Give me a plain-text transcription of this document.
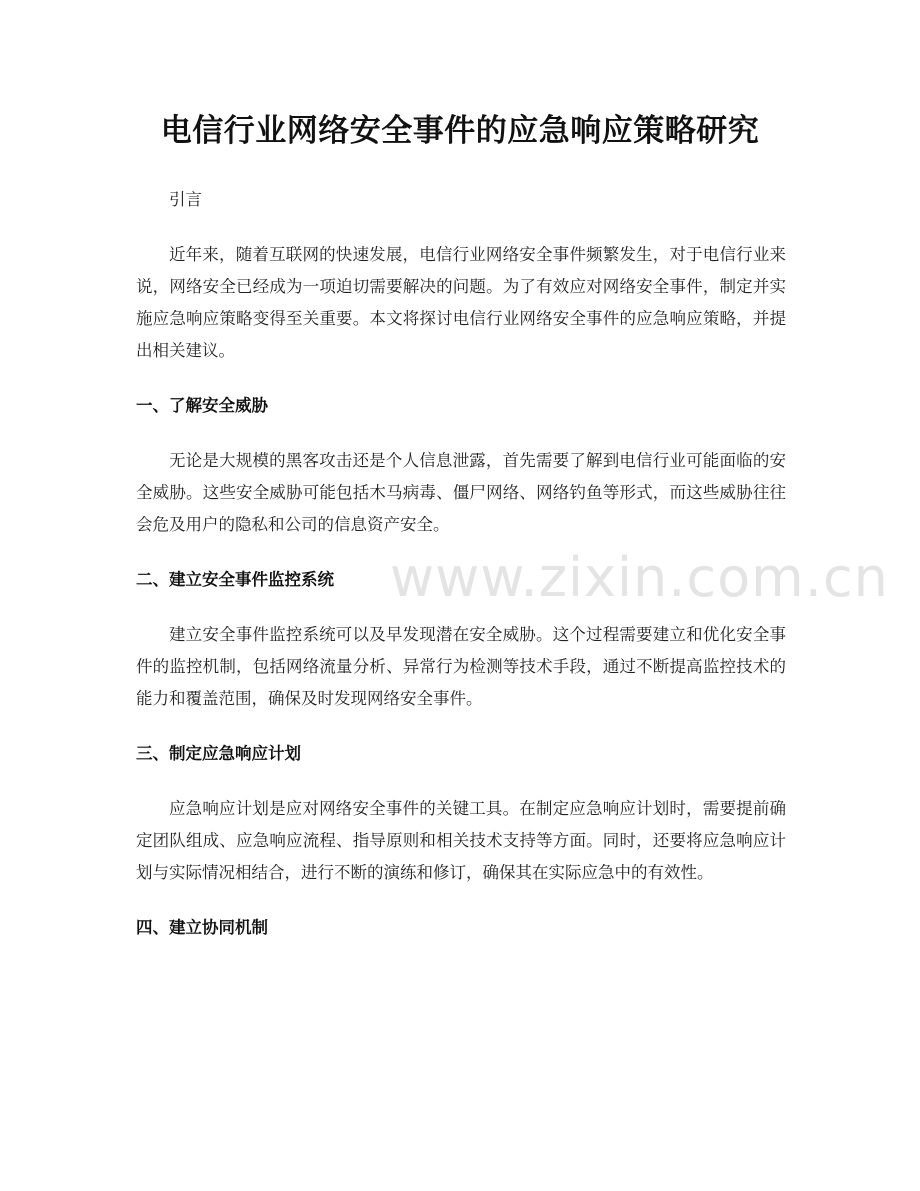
www.zixin.com.cn
电信行业网络安全事件的应急响应策略研究

引言

近年来，随着互联网的快速发展，电信行业网络安全事件频繁发生，对于电信行业来说，网络安全已经成为一项迫切需要解决的问题。为了有效应对网络安全事件，制定并实施应急响应策略变得至关重要。本文将探讨电信行业网络安全事件的应急响应策略，并提出相关建议。

一、了解安全威胁

无论是大规模的黑客攻击还是个人信息泄露，首先需要了解到电信行业可能面临的安全威胁。这些安全威胁可能包括木马病毒、僵尸网络、网络钓鱼等形式，而这些威胁往往会危及用户的隐私和公司的信息资产安全。

二、建立安全事件监控系统

建立安全事件监控系统可以及早发现潜在安全威胁。这个过程需要建立和优化安全事件的监控机制，包括网络流量分析、异常行为检测等技术手段，通过不断提高监控技术的能力和覆盖范围，确保及时发现网络安全事件。

三、制定应急响应计划

应急响应计划是应对网络安全事件的关键工具。在制定应急响应计划时，需要提前确定团队组成、应急响应流程、指导原则和相关技术支持等方面。同时，还要将应急响应计划与实际情况相结合，进行不断的演练和修订，确保其在实际应急中的有效性。

四、建立协同机制
